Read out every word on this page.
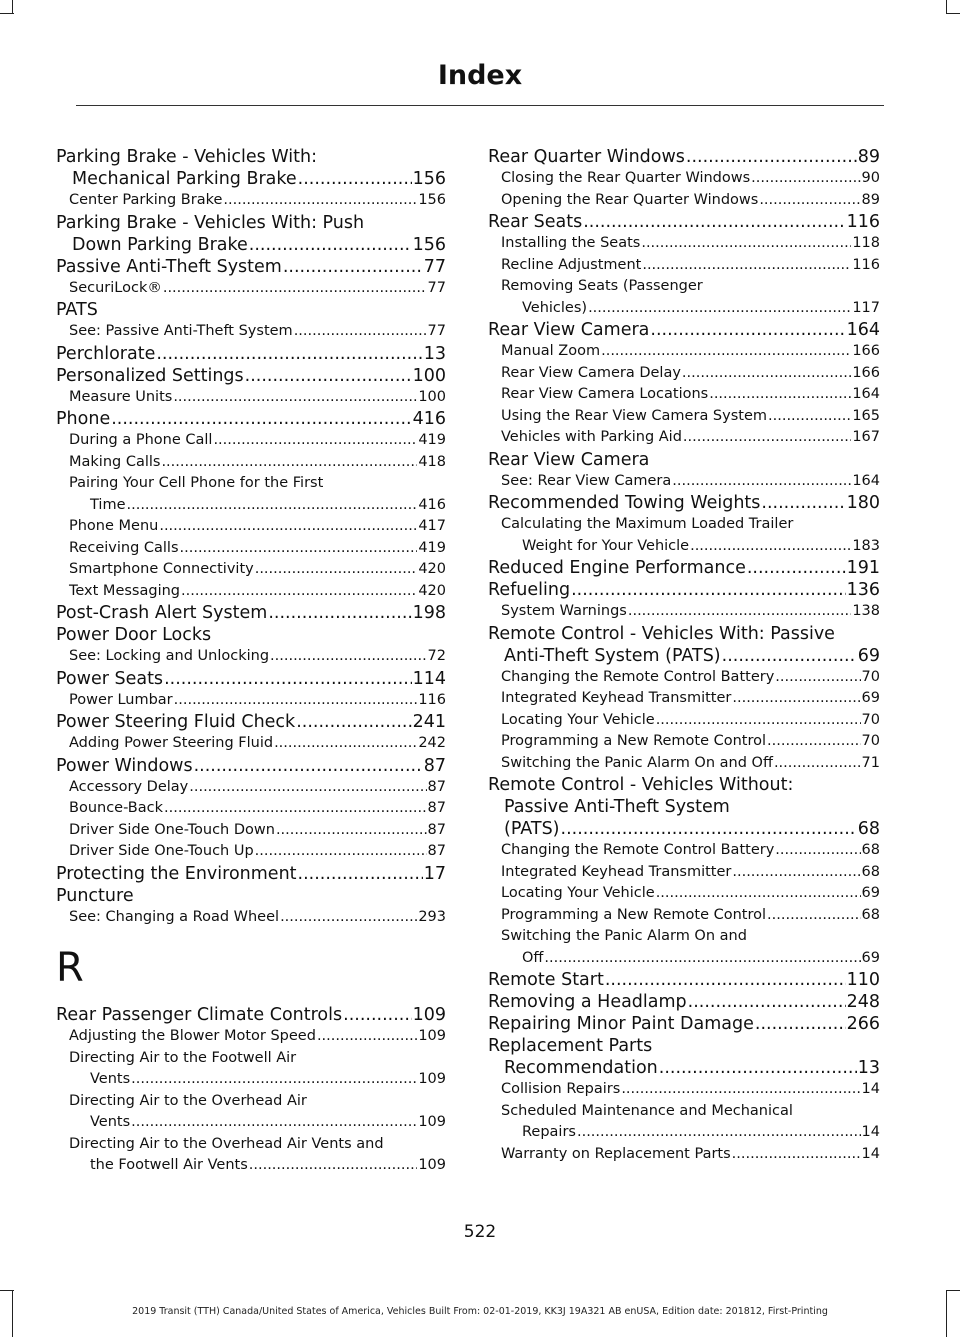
Index
Parking Brake - Vehicles With:
Mechanical Parking Brake .....	156
Center Parking Brake .....	156
Parking Brake - Vehicles With: Push
Down Parking Brake .....	156
Passive Anti-Theft System .....	77
SecuriLock® .....	77
PATS
See: Passive Anti-Theft System .....	77
Perchlorate .....	13
Personalized Settings .....	100
Measure Units .....	100
Phone .....	416
During a Phone Call .....	419
Making Calls .....	418
Pairing Your Cell Phone for the First
Time .....	416
Phone Menu .....	417
Receiving Calls .....	419
Smartphone Connectivity .....	420
Text Messaging .....	420
Post-Crash Alert System .....	198
Power Door Locks
See: Locking and Unlocking .....	72
Power Seats .....	114
Power Lumbar .....	116
Power Steering Fluid Check .....	241
Adding Power Steering Fluid .....	242
Power Windows .....	87
Accessory Delay .....	87
Bounce-Back .....	87
Driver Side One-Touch Down .....	87
Driver Side One-Touch Up .....	87
Protecting the Environment .....	17
Puncture
See: Changing a Road Wheel .....	293
R
Rear Passenger Climate Controls .....	109
Adjusting the Blower Motor Speed .....	109
Directing Air to the Footwell Air
Vents .....	109
Directing Air to the Overhead Air
Vents .....	109
Directing Air to the Overhead Air Vents and
the Footwell Air Vents .....	109
Rear Quarter Windows .....	89
Closing the Rear Quarter Windows .....	90
Opening the Rear Quarter Windows .....	89
Rear Seats .....	116
Installing the Seats .....	118
Recline Adjustment .....	116
Removing Seats (Passenger
Vehicles) .....	117
Rear View Camera .....	164
Manual Zoom .....	166
Rear View Camera Delay .....	166
Rear View Camera Locations .....	164
Using the Rear View Camera System .....	165
Vehicles with Parking Aid .....	167
Rear View Camera
See: Rear View Camera .....	164
Recommended Towing Weights .....	180
Calculating the Maximum Loaded Trailer
Weight for Your Vehicle .....	183
Reduced Engine Performance .....	191
Refueling .....	136
System Warnings .....	138
Remote Control - Vehicles With: Passive
Anti-Theft System (PATS) .....	69
Changing the Remote Control Battery .....	70
Integrated Keyhead Transmitter .....	69
Locating Your Vehicle .....	70
Programming a New Remote Control .....	70
Switching the Panic Alarm On and Off .....	71
Remote Control - Vehicles Without:
Passive Anti-Theft System
(PATS) .....	68
Changing the Remote Control Battery .....	68
Integrated Keyhead Transmitter .....	68
Locating Your Vehicle .....	69
Programming a New Remote Control .....	68
Switching the Panic Alarm On and
Off .....	69
Remote Start .....	110
Removing a Headlamp .....	248
Repairing Minor Paint Damage .....	266
Replacement Parts
Recommendation .....	13
Collision Repairs .....	14
Scheduled Maintenance and Mechanical
Repairs .....	14
Warranty on Replacement Parts .....	14
522
2019 Transit (TTH) Canada/United States of America, Vehicles Built From: 02-01-2019, KK3J 19A321 AB enUSA, Edition date: 201812, First-Printing
